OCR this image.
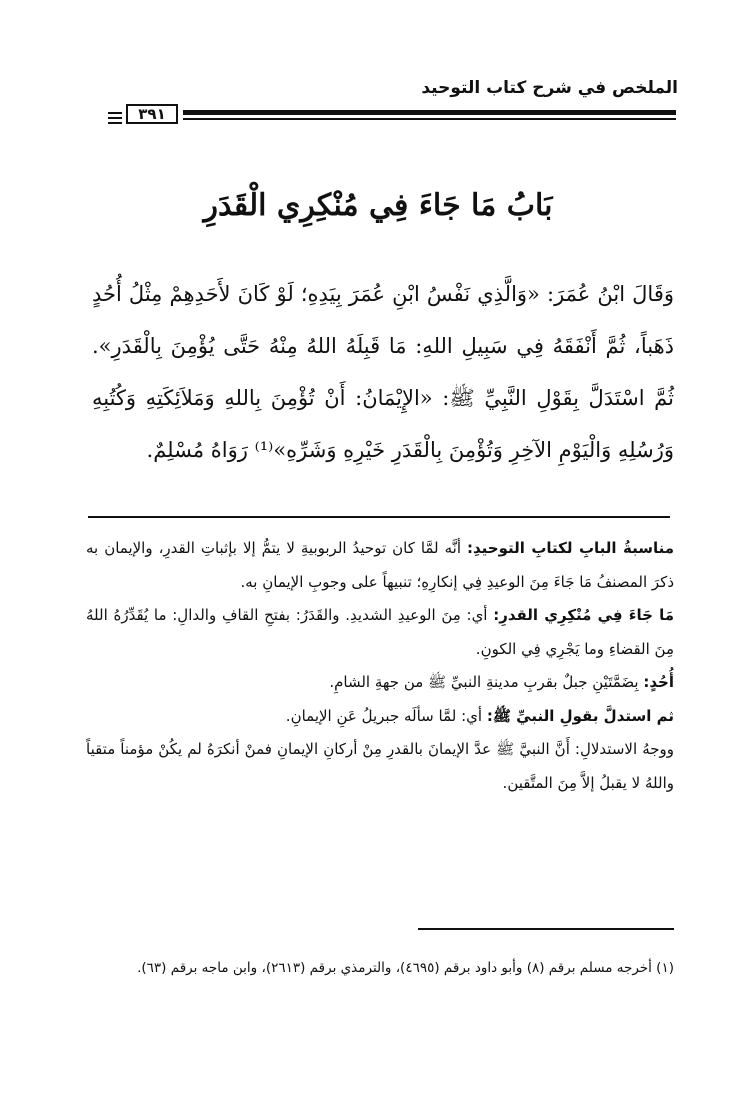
الملخص في شرح كتاب التوحيد
٣٩١
بَابُ مَا جَاءَ فِي مُنْكِرِي الْقَدَرِ
وَقَالَ ابْنُ عُمَرَ: «وَالَّذِي نَفْسُ ابْنِ عُمَرَ بِيَدِهِ؛ لَوْ كَانَ لأَحَدِهِمْ مِثْلُ أُحُدٍ ذَهَباً، ثُمَّ أَنْفَقَهُ فِي سَبِيلِ اللهِ: مَا قَبِلَهُ اللهُ مِنْهُ حَتَّى يُؤْمِنَ بِالْقَدَرِ». ثُمَّ اسْتَدَلَّ بِقَوْلِ النَّبِيِّ ﷺ: «الإِيْمَانُ: أَنْ تُؤْمِنَ بِاللهِ وَمَلاَئِكَتِهِ وَكُتُبِهِ وَرُسُلِهِ وَالْيَوْمِ الآخِرِ وَتُؤْمِنَ بِالْقَدَرِ خَيْرِهِ وَشَرِّهِ»⁽¹⁾ رَوَاهُ مُسْلِمٌ.

مناسبةُ البابِ لكتابِ التوحيدِ: أنَّه لمَّا كان توحيدُ الربوبيةِ لا يتمُّ إلا بإثباتِ القدرِ، والإيمان به ذكرَ المصنفُ مَا جَاءَ مِنَ الوعيدِ فِي إنكارِهِ؛ تنبيهاً على وجوبِ الإيمانِ به.

مَا جَاءَ فِي مُنْكِرِي القدرِ: أي: مِنَ الوعيدِ الشديدِ. والقَدَرُ: بفتحِ القافِ والدالِ: ما يُقَدِّرُهُ اللهُ مِنَ القضاءِ وما يَجْرِي فِي الكونِ.

أُحُدٍ: بِضَمَّتَيْنِ جبلٌ بقربِ مدينةِ النبيِّ ﷺ من جهةِ الشامِ.

ثم استدلَّ بقولِ النبيِّ ﷺ: أي: لمَّا سألَه جبريلُ عَنِ الإيمانِ.

ووجهُ الاستدلالِ: أَنَّ النبيَّ ﷺ عدَّ الإيمانَ بالقدرِ مِنْ أركانِ الإيمانِ فمنْ أنكرَهُ لم يكُنْ مؤمناً متقياً واللهُ لا يقبلُ إلاَّ مِنَ المتَّقين.

(١) أخرجه مسلم برقم (٨) وأبو داود برقم (٤٦٩٥)، والترمذي برقم (٢٦١٣)، وابن ماجه برقم (٦٣).
